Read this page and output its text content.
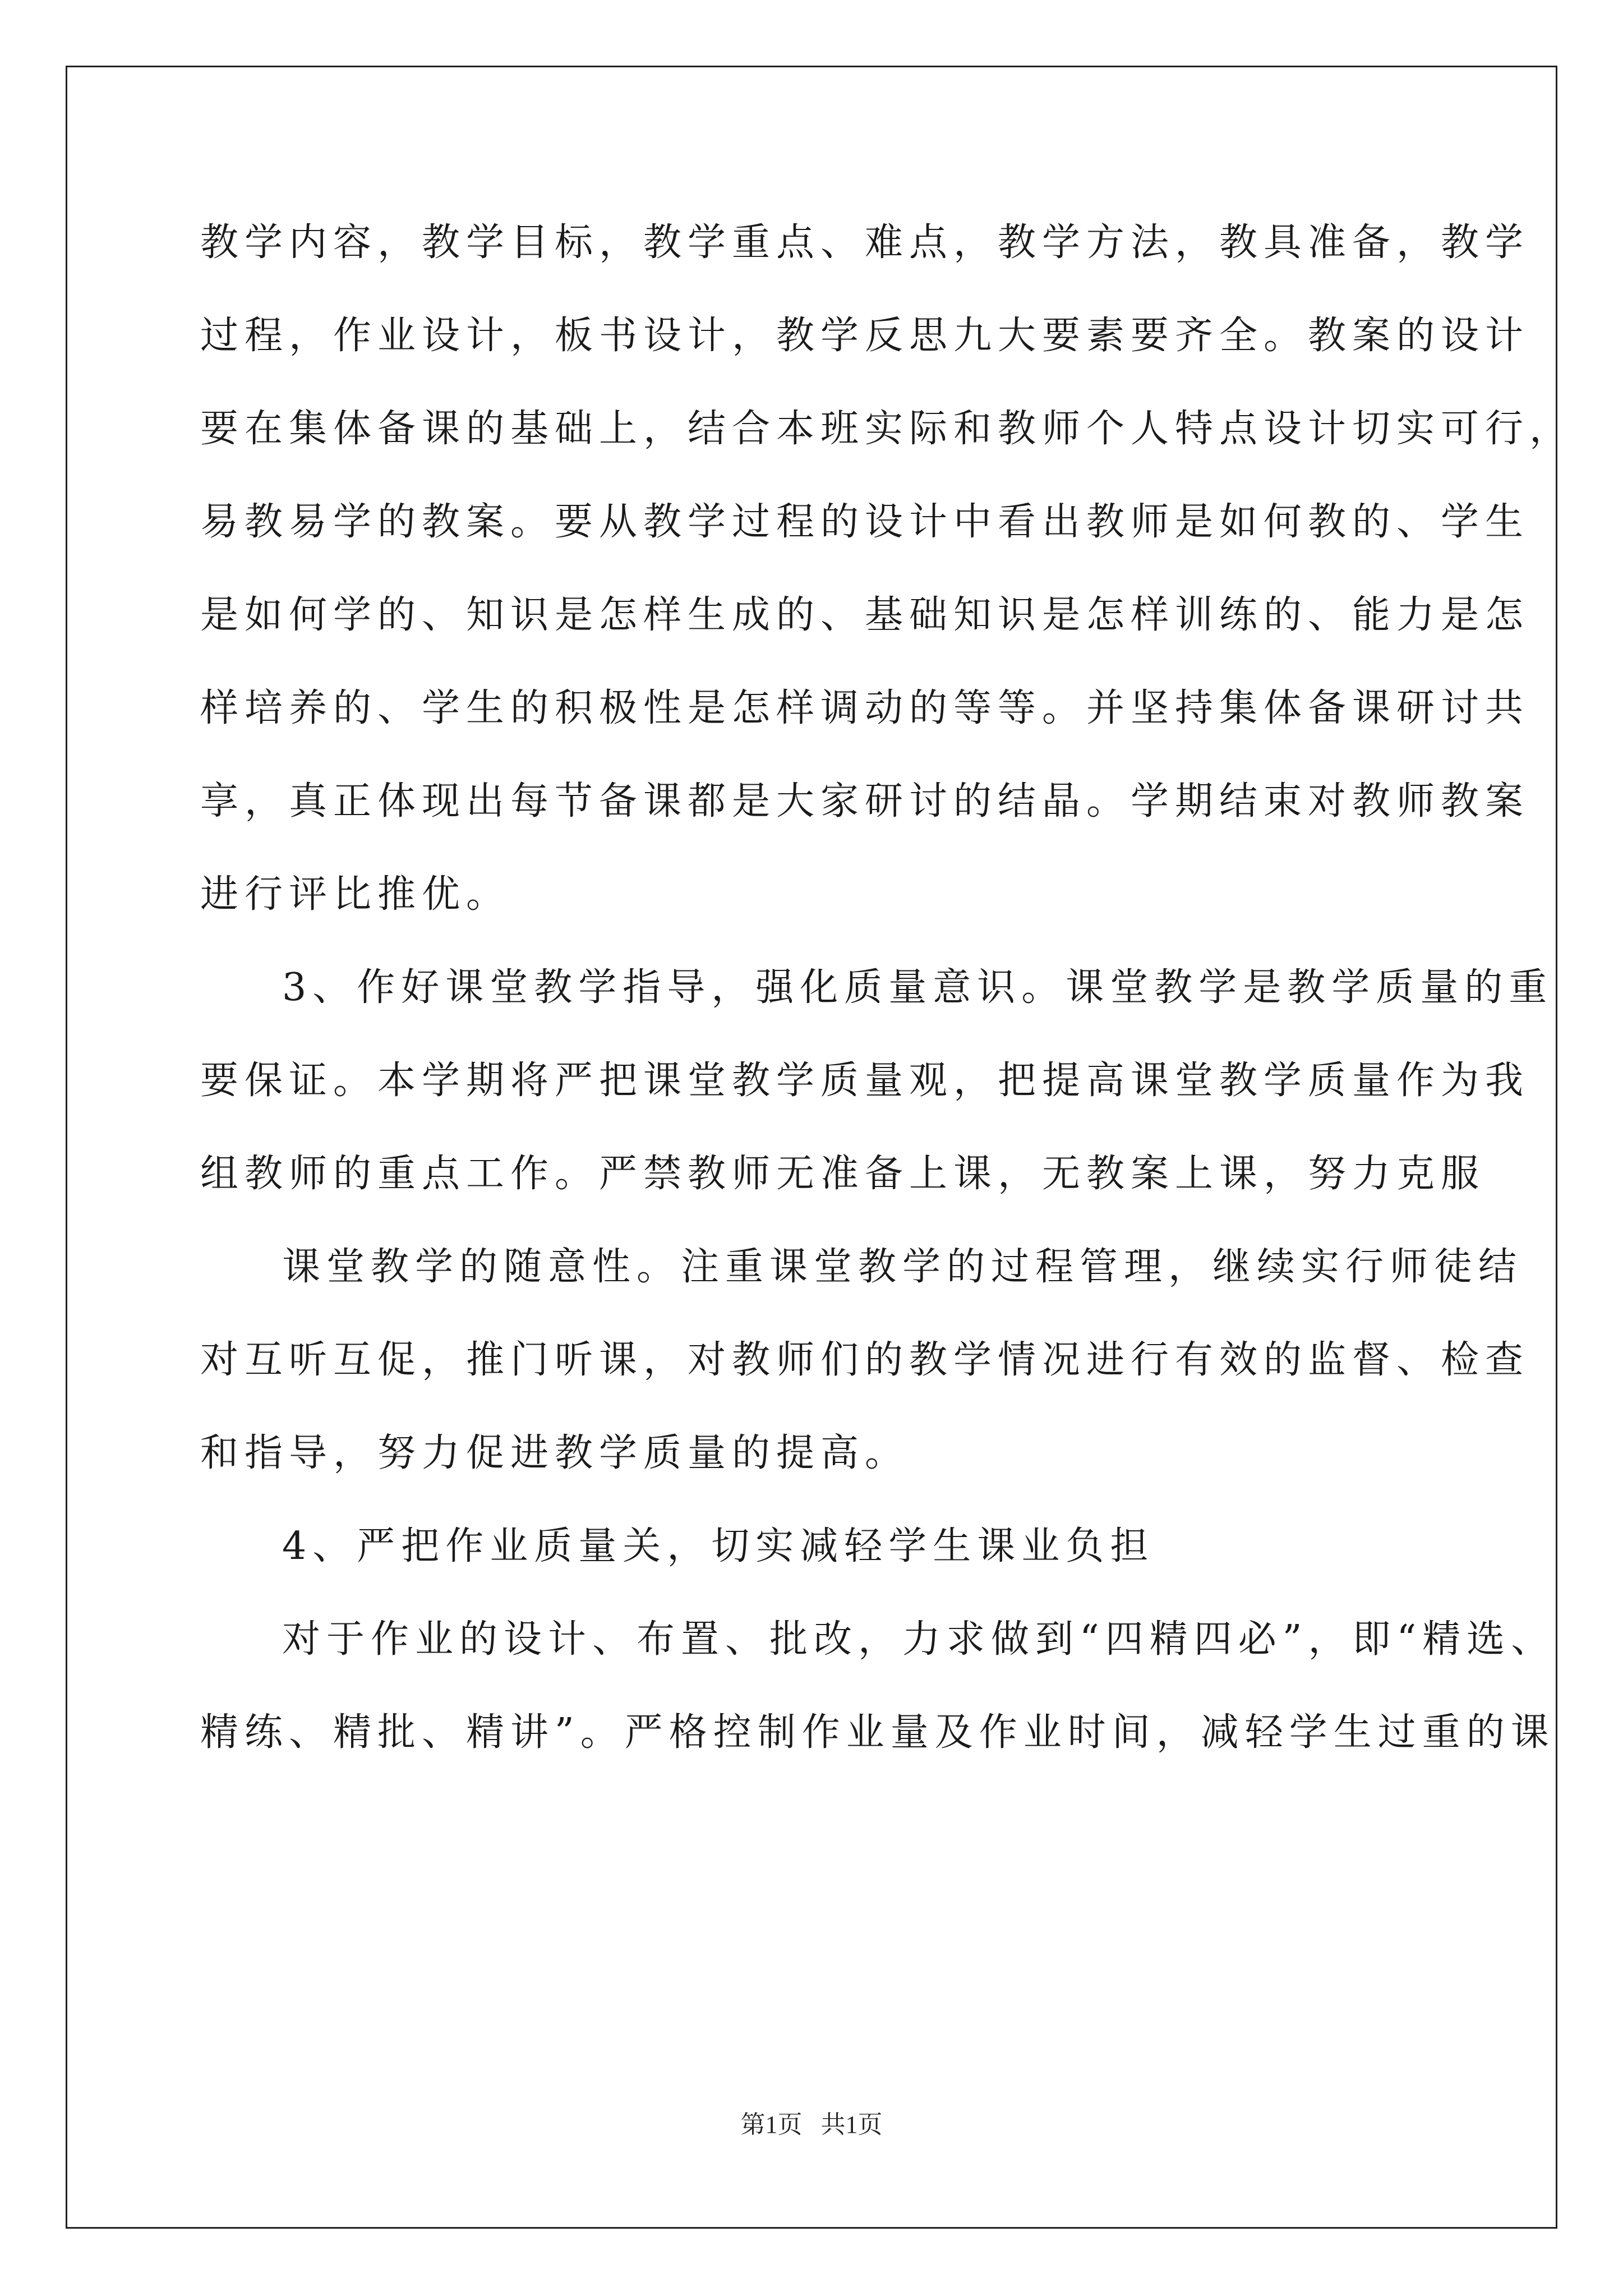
教学内容，教学目标，教学重点、难点，教学方法，教具准备，教学
过程，作业设计，板书设计，教学反思九大要素要齐全。教案的设计
要在集体备课的基础上，结合本班实际和教师个人特点设计切实可行，
易教易学的教案。要从教学过程的设计中看出教师是如何教的、学生
是如何学的、知识是怎样生成的、基础知识是怎样训练的、能力是怎
样培养的、学生的积极性是怎样调动的等等。并坚持集体备课研讨共
享，真正体现出每节备课都是大家研讨的结晶。学期结束对教师教案
进行评比推优。
3、作好课堂教学指导，强化质量意识。课堂教学是教学质量的重
要保证。本学期将严把课堂教学质量观，把提高课堂教学质量作为我
组教师的重点工作。严禁教师无准备上课，无教案上课，努力克服
课堂教学的随意性。注重课堂教学的过程管理，继续实行师徒结
对互听互促，推门听课，对教师们的教学情况进行有效的监督、检查
和指导，努力促进教学质量的提高。
4、严把作业质量关，切实减轻学生课业负担
对于作业的设计、布置、批改，力求做到“四精四必”，即“精选、
精练、精批、精讲”。严格控制作业量及作业时间，减轻学生过重的课
第1页   共1页
